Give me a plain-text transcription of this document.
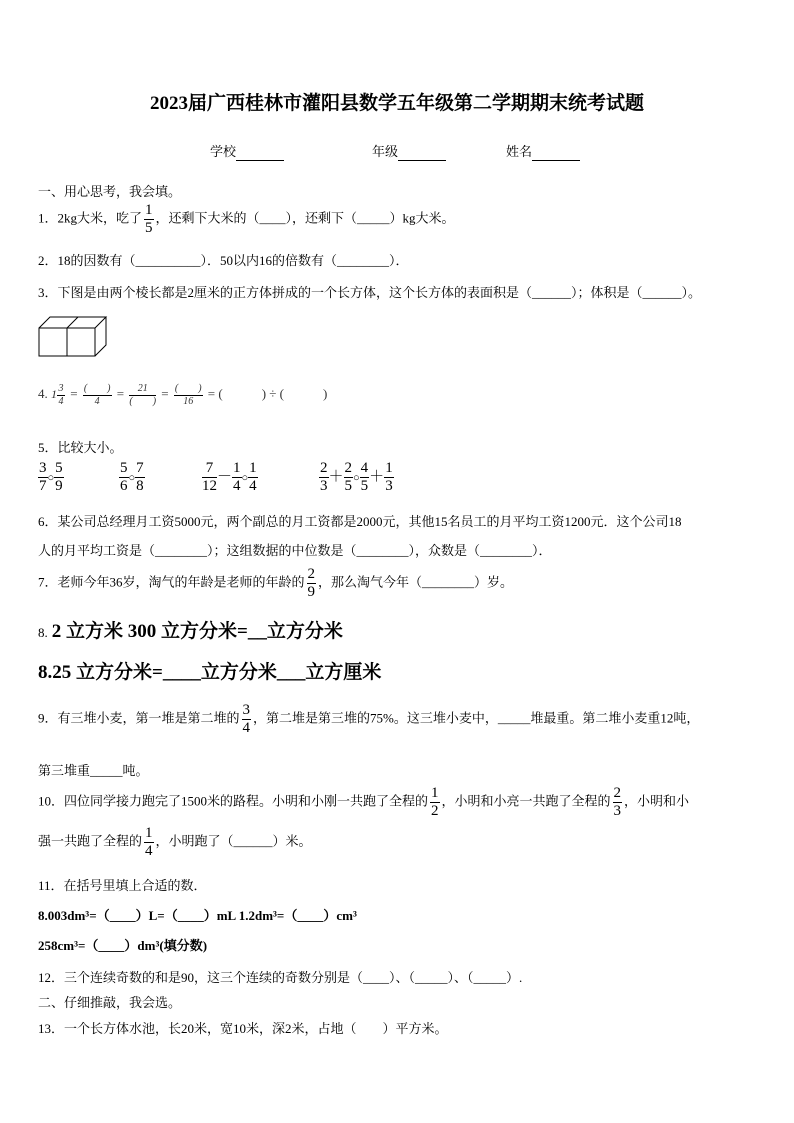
2023届广西桂林市灌阳县数学五年级第二学期期末统考试题
学校	年级	姓名
一、用心思考，我会填。
1．2kg大米，吃了 $\frac{1}{5}$ ，还剩下大米的（____），还剩下（_____）kg大米。
2．18的因数有（__________）．50以内16的倍数有（________）．
3．下图是由两个棱长都是2厘米的正方体拼成的一个长方体，这个长方体的表面积是（______）；体积是（______）。
4. $1 \frac{3}{4} = \frac{( )}{4} = \frac{21}{( )} = \frac{( )}{16}$ = (　　　) ÷ (　　　)
5．比较大小。
$\frac{3}{7}$ ○ $\frac{5}{9}$	$\frac{5}{6}$ ○ $\frac{7}{8}$	$\frac{7}{12} - \frac{1}{4}$ ○ $\frac{1}{4}$	$\frac{2}{3} + \frac{2}{5}$ ○ $\frac{4}{5} + \frac{1}{3}$
6．某公司总经理月工资5000元，两个副总的月工资都是2000元，其他15名员工的月平均工资1200元．这个公司18
人的月平均工资是（________）；这组数据的中位数是（________），众数是（________）．
7．老师今年36岁，淘气的年龄是老师的年龄的 $\frac{2}{9}$ ，那么淘气今年（________）岁。
8. 2 立方米 300 立方分米=__立方分米
8.25 立方分米=____立方分米___立方厘米
9．有三堆小麦，第一堆是第二堆的 $\frac{3}{4}$ ，第二堆是第三堆的75%。这三堆小麦中，_____堆最重。第二堆小麦重12吨，
第三堆重_____吨。
10．四位同学接力跑完了1500米的路程。小明和小刚一共跑了全程的 $\frac{1}{2}$ ，小明和小亮一共跑了全程的 $\frac{2}{3}$ ，小明和小
强一共跑了全程的 $\frac{1}{4}$ ，小明跑了（______）米。
11．在括号里填上合适的数．
8.003dm³=（____）L=（____）mL 1.2dm³=（____）cm³
258cm³=（____）dm³(填分数)
12．三个连续奇数的和是90，这三个连续的奇数分别是（____）、（_____）、（_____）.
二、仔细推敲，我会选。
13．一个长方体水池，长20米，宽10米，深2米，占地（　　）平方米。
